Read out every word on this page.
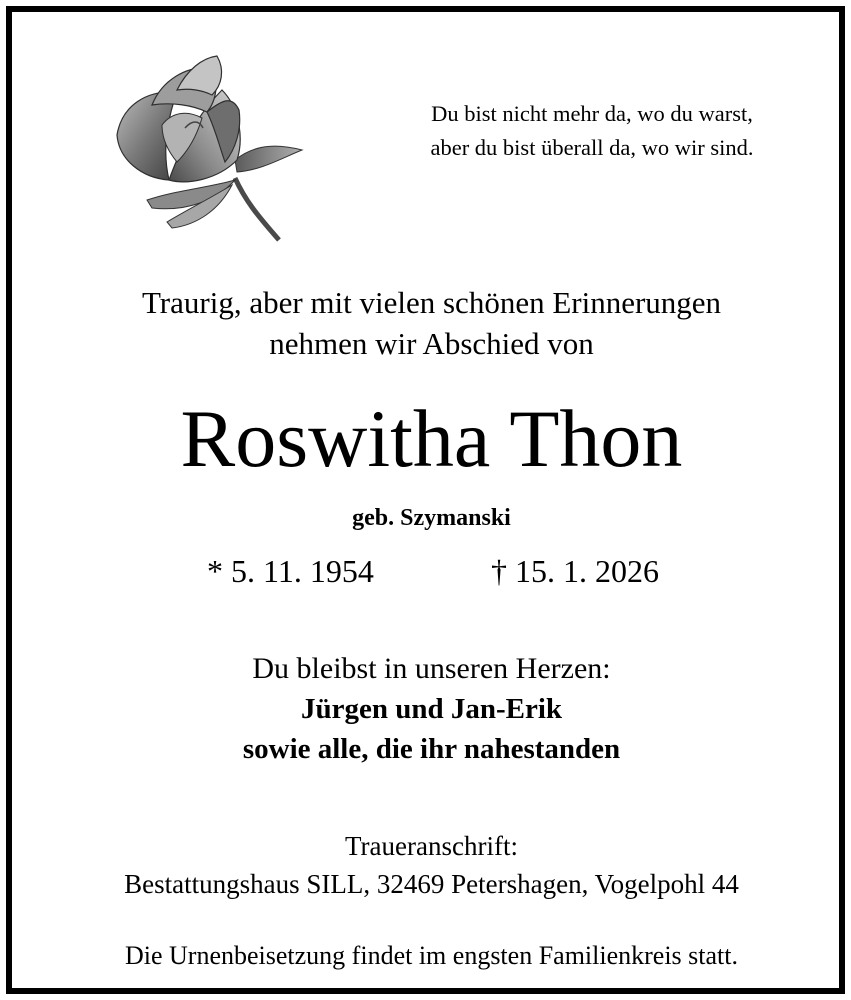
Du bist nicht mehr da, wo du warst,
aber du bist überall da, wo wir sind.
Traurig, aber mit vielen schönen Erinnerungen
nehmen wir Abschied von
Roswitha Thon
geb. Szymanski
* 5. 11. 1954	† 15. 1. 2026
Du bleibst in unseren Herzen:
Jürgen und Jan-Erik
sowie alle, die ihr nahestanden
Traueranschrift:
Bestattungshaus SILL, 32469 Petershagen, Vogelpohl 44
Die Urnenbeisetzung findet im engsten Familienkreis statt.
